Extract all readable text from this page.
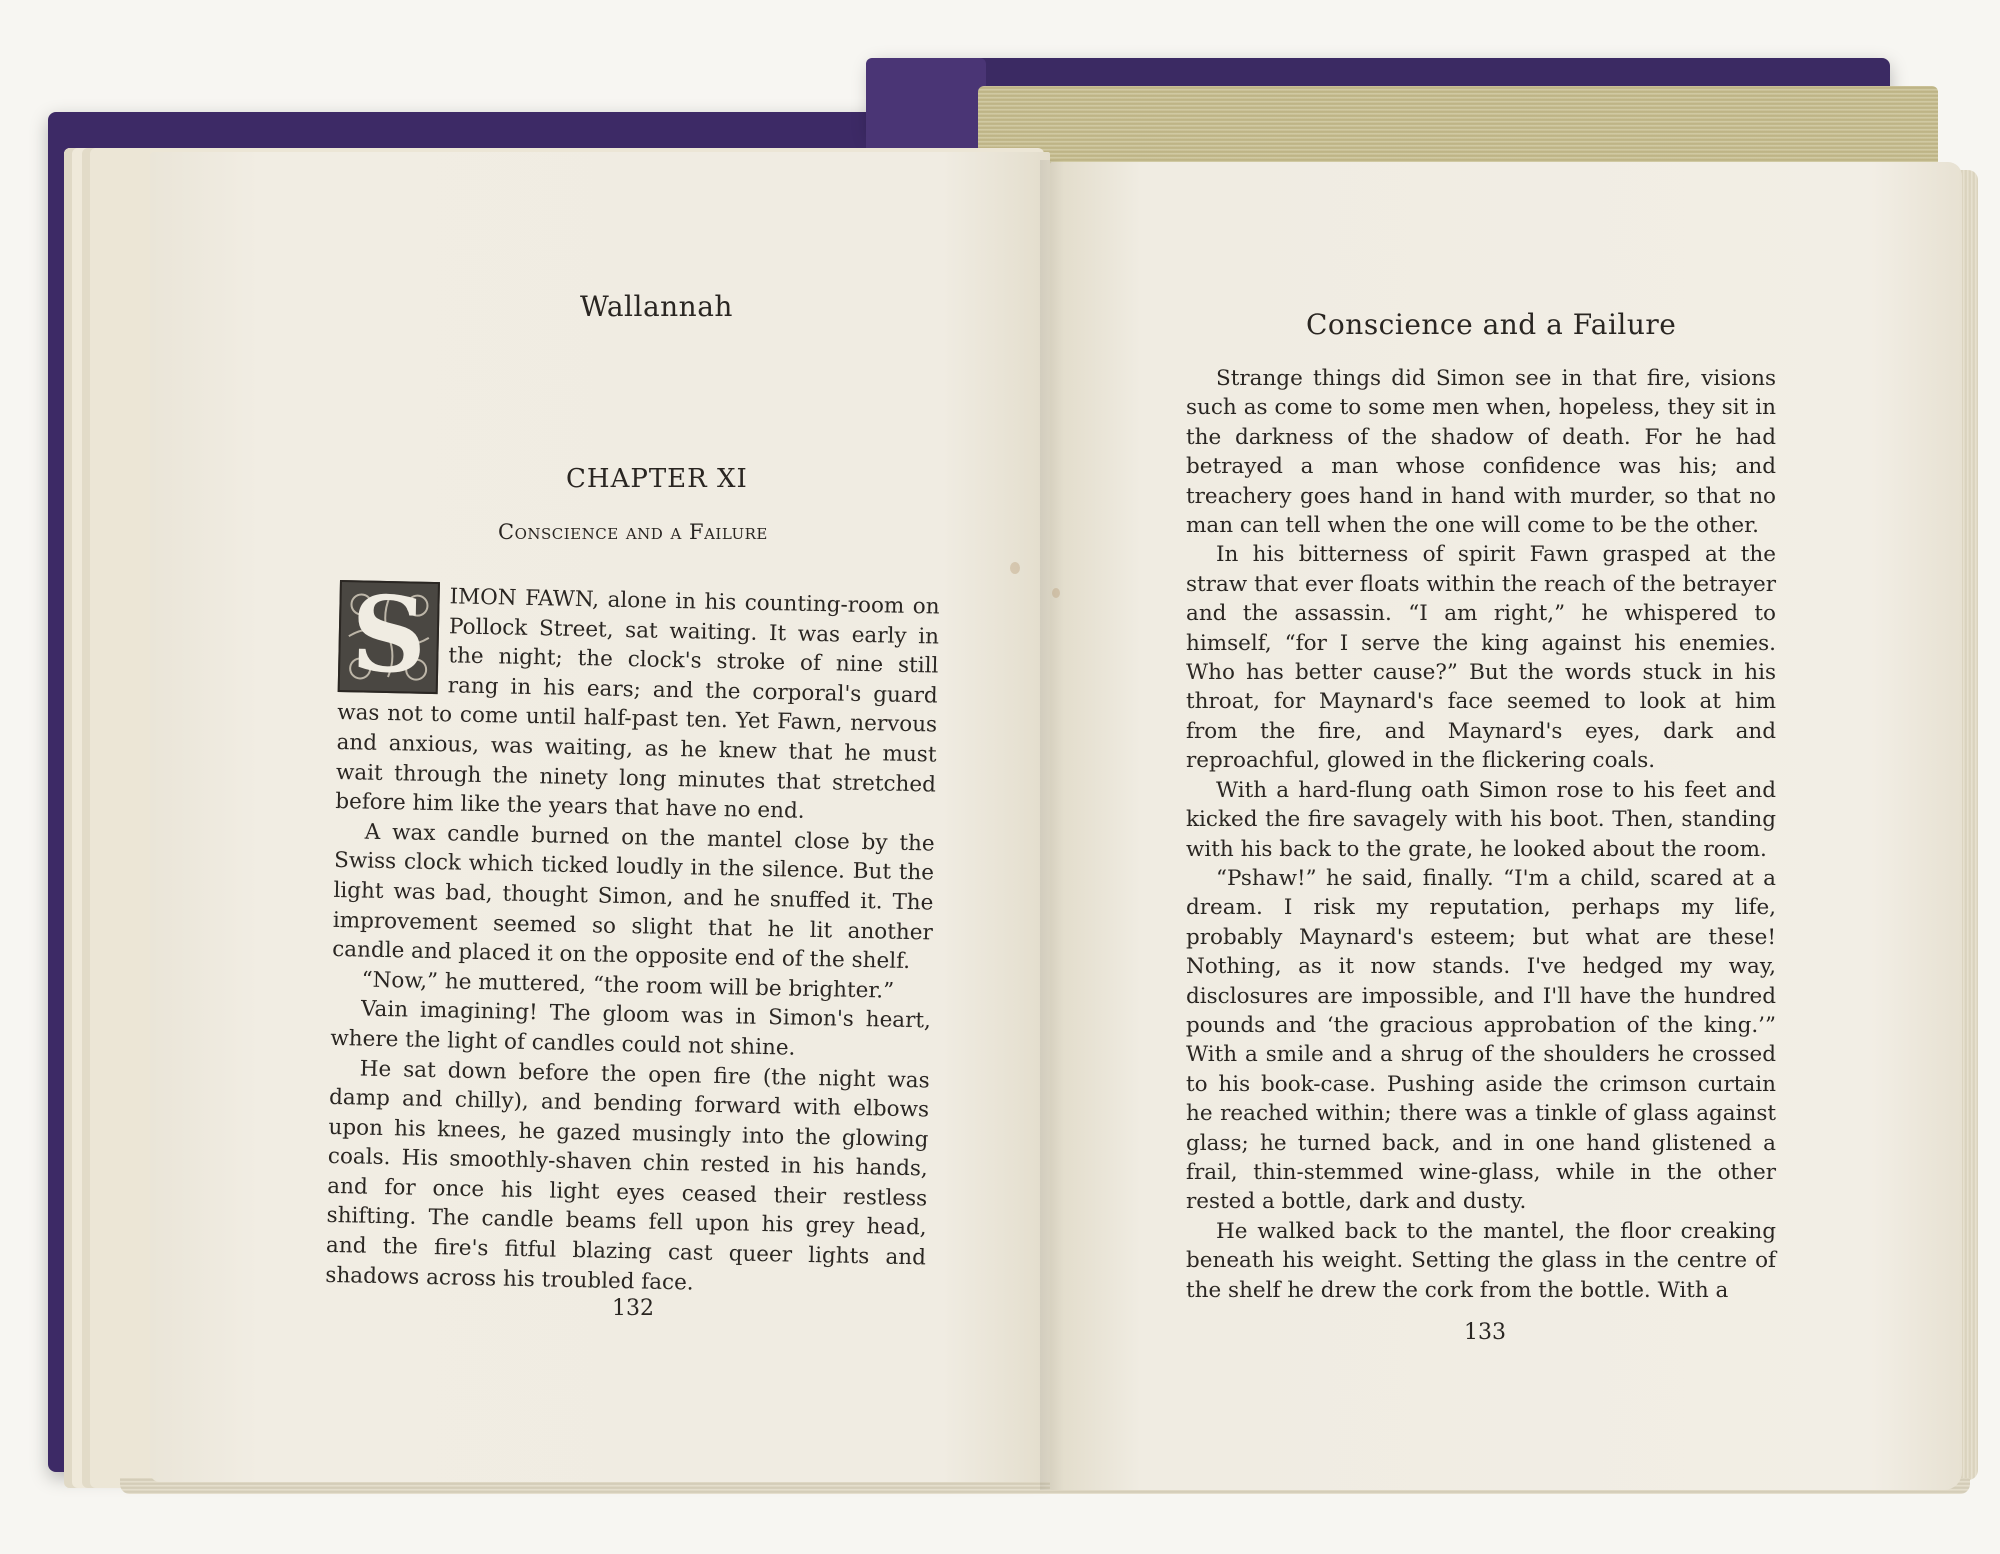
Wallannah
CHAPTER XI
Conscience and a Failure

S	IMON FAWN, alone in his counting-room on Pollock Street, sat waiting. It was early in the night; the clock's stroke of nine still rang in his ears; and the corporal's guard was not to come until half-past ten. Yet Fawn, nervous and anxious, was waiting, as he knew that he must wait through the ninety long minutes that stretched before him like the years that have no end.

A wax candle burned on the mantel close by the Swiss clock which ticked loudly in the silence. But the light was bad, thought Simon, and he snuffed it. The improvement seemed so slight that he lit another candle and placed it on the opposite end of the shelf.

“Now,” he muttered, “the room will be brighter.”

Vain imagining! The gloom was in Simon's heart, where the light of candles could not shine.

He sat down before the open fire (the night was damp and chilly), and bending forward with elbows upon his knees, he gazed musingly into the glowing coals. His smoothly-shaven chin rested in his hands, and for once his light eyes ceased their restless shifting. The candle beams fell upon his grey head, and the fire's fitful blazing cast queer lights and shadows across his troubled face.

132
Conscience and a Failure

Strange things did Simon see in that fire, visions such as come to some men when, hopeless, they sit in the darkness of the shadow of death. For he had betrayed a man whose confidence was his; and treachery goes hand in hand with murder, so that no man can tell when the one will come to be the other.

In his bitterness of spirit Fawn grasped at the straw that ever floats within the reach of the betrayer and the assassin. “I am right,” he whispered to himself, “for I serve the king against his enemies. Who has better cause?” But the words stuck in his throat, for Maynard's face seemed to look at him from the fire, and Maynard's eyes, dark and reproachful, glowed in the flickering coals.

With a hard-flung oath Simon rose to his feet and kicked the fire savagely with his boot. Then, standing with his back to the grate, he looked about the room.

“Pshaw!” he said, finally. “I'm a child, scared at a dream. I risk my reputation, perhaps my life, probably Maynard's esteem; but what are these! Nothing, as it now stands. I've hedged my way, disclosures are impossible, and I'll have the hundred pounds and ‘the gracious approbation of the king.’” With a smile and a shrug of the shoulders he crossed to his book-case. Pushing aside the crimson curtain he reached within; there was a tinkle of glass against glass; he turned back, and in one hand glistened a frail, thin-stemmed wine-glass, while in the other rested a bottle, dark and dusty.

He walked back to the mantel, the floor creaking beneath his weight. Setting the glass in the centre of the shelf he drew the cork from the bottle. With a

133
